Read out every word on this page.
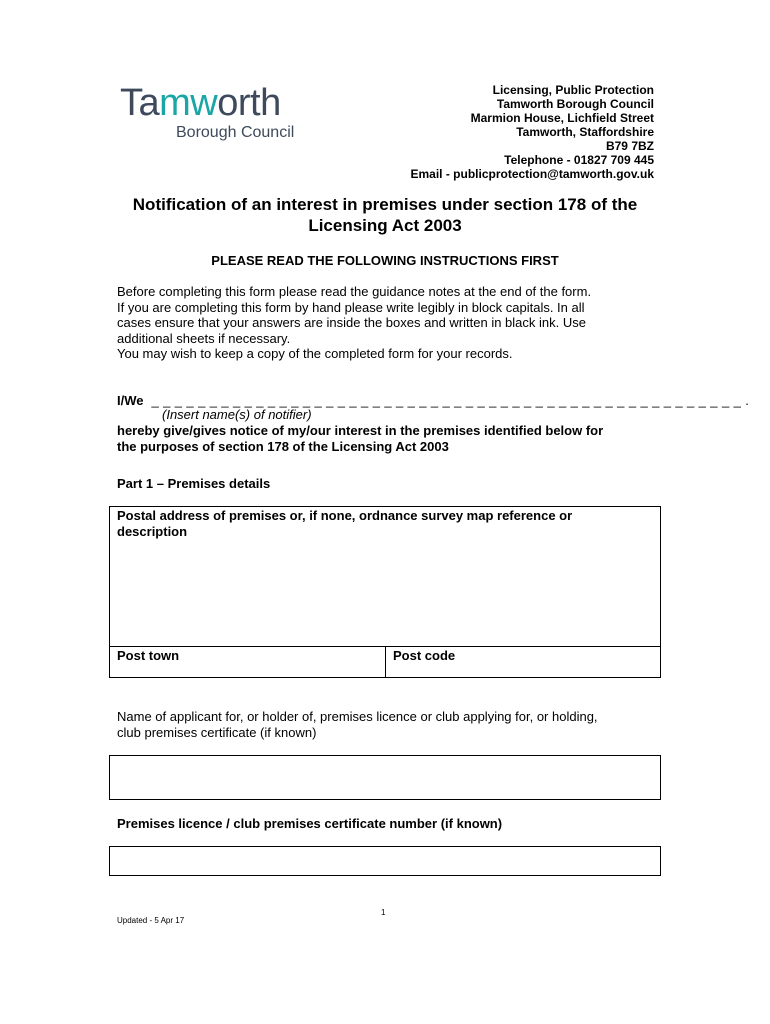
Tamworth
Borough Council
Licensing, Public Protection
Tamworth Borough Council
Marmion House, Lichfield Street
Tamworth, Staffordshire
B79 7BZ
Telephone - 01827 709 445
Email - publicprotection@tamworth.gov.uk
Notification of an interest in premises under section 178 of the
Licensing Act 2003
PLEASE READ THE FOLLOWING INSTRUCTIONS FIRST
Before completing this form please read the guidance notes at the end of the form.
If you are completing this form by hand please write legibly in block capitals. In all
cases ensure that your answers are inside the boxes and written in black ink. Use
additional sheets if necessary.
You may wish to keep a copy of the completed form for your records.
I/We _ _ _ _ _ _ _ _ _ _ _ _ _ _ _ _ _ _ _ _ _ _ _ _ _ _ _ _ _ _ _ _ _ _ _ _ _ _ _ _ _ _ _ _ _ _ _ _ _ _ _ .
(Insert name(s) of notifier)
hereby give/gives notice of my/our interest in the premises identified below for
the purposes of section 178 of the Licensing Act 2003
Part 1 – Premises details
Postal address of premises or, if none, ordnance survey map reference or
description
Post town	Post code
Name of applicant for, or holder of, premises licence or club applying for, or holding,
club premises certificate (if known)
Premises licence / club premises certificate number (if known)
1
Updated - 5 Apr 17
